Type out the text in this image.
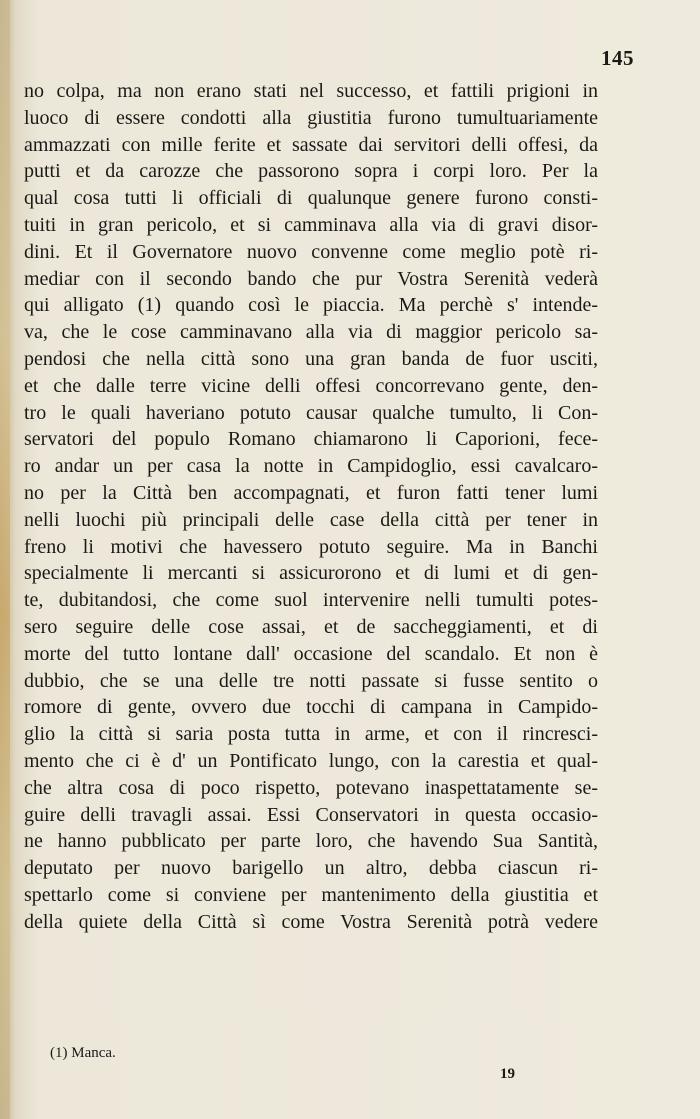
145
no colpa, ma non erano stati nel successo, et fattili prigioni in
luoco di essere condotti alla giustitia furono tumultuariamente
ammazzati con mille ferite et sassate dai servitori delli offesi, da
putti et da carozze che passorono sopra i corpi loro. Per la
qual cosa tutti li officiali di qualunque genere furono consti-
tuiti in gran pericolo, et si camminava alla via di gravi disor-
dini. Et il Governatore nuovo convenne come meglio potè ri-
mediar con il secondo bando che pur Vostra Serenità vederà
qui alligato (1) quando così le piaccia. Ma perchè s' intende-
va, che le cose camminavano alla via di maggior pericolo sa-
pendosi che nella città sono una gran banda de fuor usciti,
et che dalle terre vicine delli offesi concorrevano gente, den-
tro le quali haveriano potuto causar qualche tumulto, li Con-
servatori del populo Romano chiamarono li Caporioni, fece-
ro andar un per casa la notte in Campidoglio, essi cavalcaro-
no per la Città ben accompagnati, et furon fatti tener lumi
nelli luochi più principali delle case della città per tener in
freno li motivi che havessero potuto seguire. Ma in Banchi
specialmente li mercanti si assicurorono et di lumi et di gen-
te, dubitandosi, che come suol intervenire nelli tumulti potes-
sero seguire delle cose assai, et de saccheggiamenti, et di
morte del tutto lontane dall' occasione del scandalo. Et non è
dubbio, che se una delle tre notti passate si fusse sentito o
romore di gente, ovvero due tocchi di campana in Campido-
glio la città si saria posta tutta in arme, et con il rincresci-
mento che ci è d' un Pontificato lungo, con la carestia et qual-
che altra cosa di poco rispetto, potevano inaspettatamente se-
guire delli travagli assai. Essi Conservatori in questa occasio-
ne hanno pubblicato per parte loro, che havendo Sua Santità,
deputato per nuovo barigello un altro, debba ciascun ri-
spettarlo come si conviene per mantenimento della giustitia et
della quiete della Città sì come Vostra Serenità potrà vedere
(1) Manca.
19
